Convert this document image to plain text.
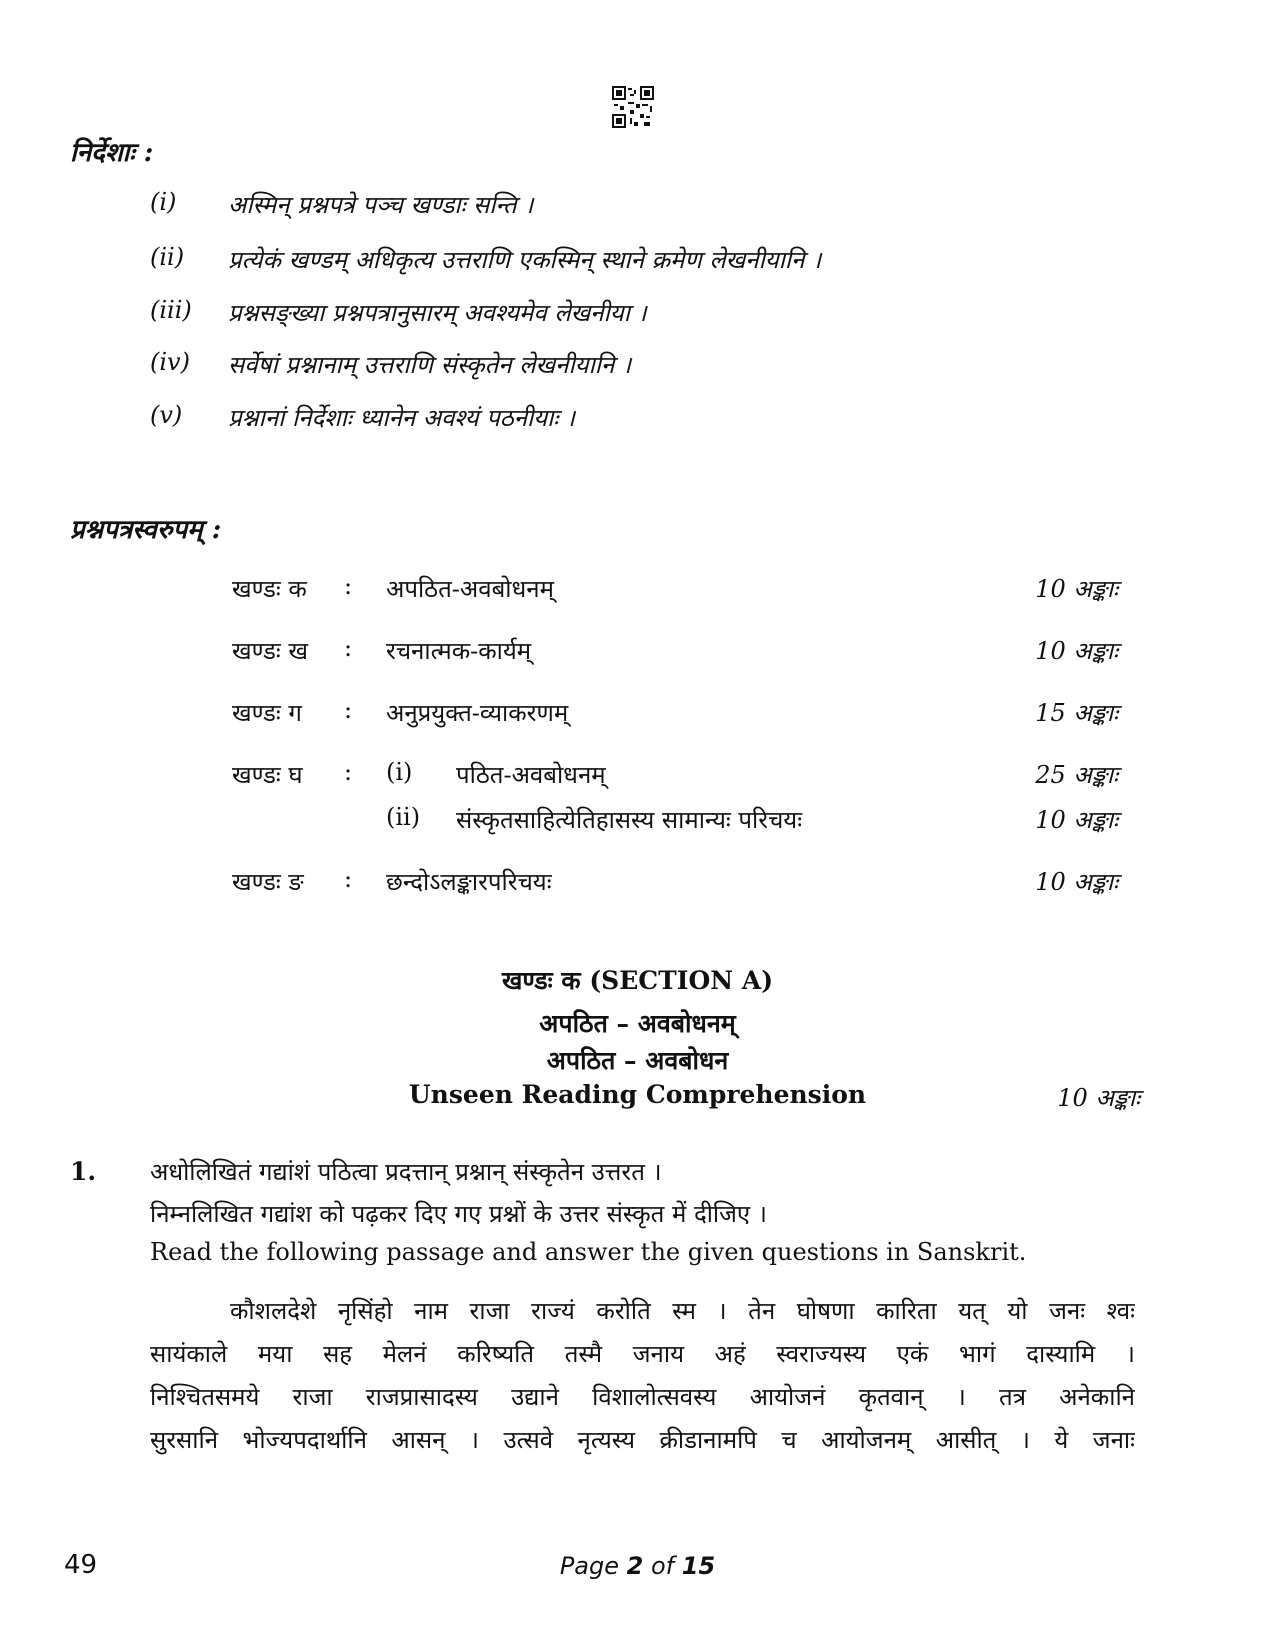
निर्देशाः :
(i) अस्मिन् प्रश्नपत्रे पञ्च खण्डाः सन्ति ।
(ii) प्रत्येकं खण्डम् अधिकृत्य उत्तराणि एकस्मिन् स्थाने क्रमेण लेखनीयानि ।
(iii) प्रश्नसङ्ख्या प्रश्नपत्रानुसारम् अवश्यमेव लेखनीया ।
(iv) सर्वेषां प्रश्नानाम् उत्तराणि संस्कृतेन लेखनीयानि ।
(v) प्रश्नानां निर्देशाः ध्यानेन अवश्यं पठनीयाः ।
प्रश्नपत्रस्वरुपम् :
खण्डः क : अपठित-अवबोधनम्	10 अङ्काः
खण्डः ख : रचनात्मक-कार्यम्	10 अङ्काः
खण्डः ग : अनुप्रयुक्त-व्याकरणम्	15 अङ्काः
खण्डः घ : (i) पठित-अवबोधनम्	25 अङ्काः
(ii) संस्कृतसाहित्येतिहासस्य सामान्यः परिचयः	10 अङ्काः
खण्डः ङ : छन्दोऽलङ्कारपरिचयः	10 अङ्काः
खण्डः क (SECTION A)
अपठित – अवबोधनम्
अपठित – अवबोधन
Unseen Reading Comprehension	10 अङ्काः
1. अधोलिखितं गद्यांशं पठित्वा प्रदत्तान् प्रश्नान् संस्कृतेन उत्तरत ।
निम्नलिखित गद्यांश को पढ़कर दिए गए प्रश्नों के उत्तर संस्कृत में दीजिए ।
Read the following passage and answer the given questions in Sanskrit.
कौशलदेशे नृसिंहो नाम राजा राज्यं करोति स्म । तेन घोषणा कारिता यत् यो जनः श्वः
सायंकाले मया सह मेलनं करिष्यति तस्मै जनाय अहं स्वराज्यस्य एकं भागं दास्यामि ।
निश्चितसमये राजा राजप्रासादस्य उद्याने विशालोत्सवस्य आयोजनं कृतवान् । तत्र अनेकानि
सुरसानि भोज्यपदार्थानि आसन् । उत्सवे नृत्यस्य क्रीडानामपि च आयोजनम् आसीत् । ये जनाः
49	Page 2 of 15
